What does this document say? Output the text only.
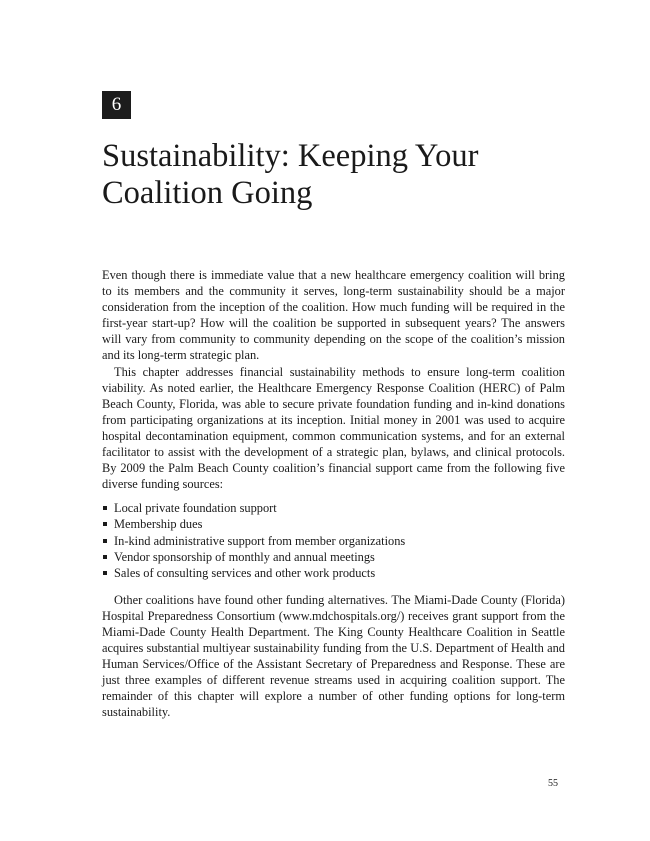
6
Sustainability: Keeping Your
Coalition Going

Even though there is immediate value that a new healthcare emergency coalition will bring to its members and the community it serves, long-term sustainability should be a major consideration from the inception of the coalition. How much funding will be required in the first-year start-up? How will the coalition be supported in subsequent years? The answers will vary from community to community depending on the scope of the coalition’s mission and its long-term strategic plan.

This chapter addresses financial sustainability methods to ensure long-term coalition viability. As noted earlier, the Healthcare Emergency Response Coalition (HERC) of Palm Beach County, Florida, was able to secure private foundation funding and in-kind donations from participating organizations at its inception. Initial money in 2001 was used to acquire hospital decontamination equipment, common communication systems, and for an external facilitator to assist with the development of a strategic plan, bylaws, and clinical protocols. By 2009 the Palm Beach County coalition’s financial support came from the following five diverse funding sources:

Local private foundation support
Membership dues
In-kind administrative support from member organizations
Vendor sponsorship of monthly and annual meetings
Sales of consulting services and other work products

Other coalitions have found other funding alternatives. The Miami-Dade County (Florida) Hospital Preparedness Consortium (www.mdchospitals.org/) receives grant support from the Miami-Dade County Health Department. The King County Healthcare Coalition in Seattle acquires substantial multiyear sustainability funding from the U.S. Department of Health and Human Services/Office of the Assistant Secretary of Preparedness and Response. These are just three examples of different revenue streams used in acquiring coalition support. The remainder of this chapter will explore a number of other funding options for long-term sustainability.

55
